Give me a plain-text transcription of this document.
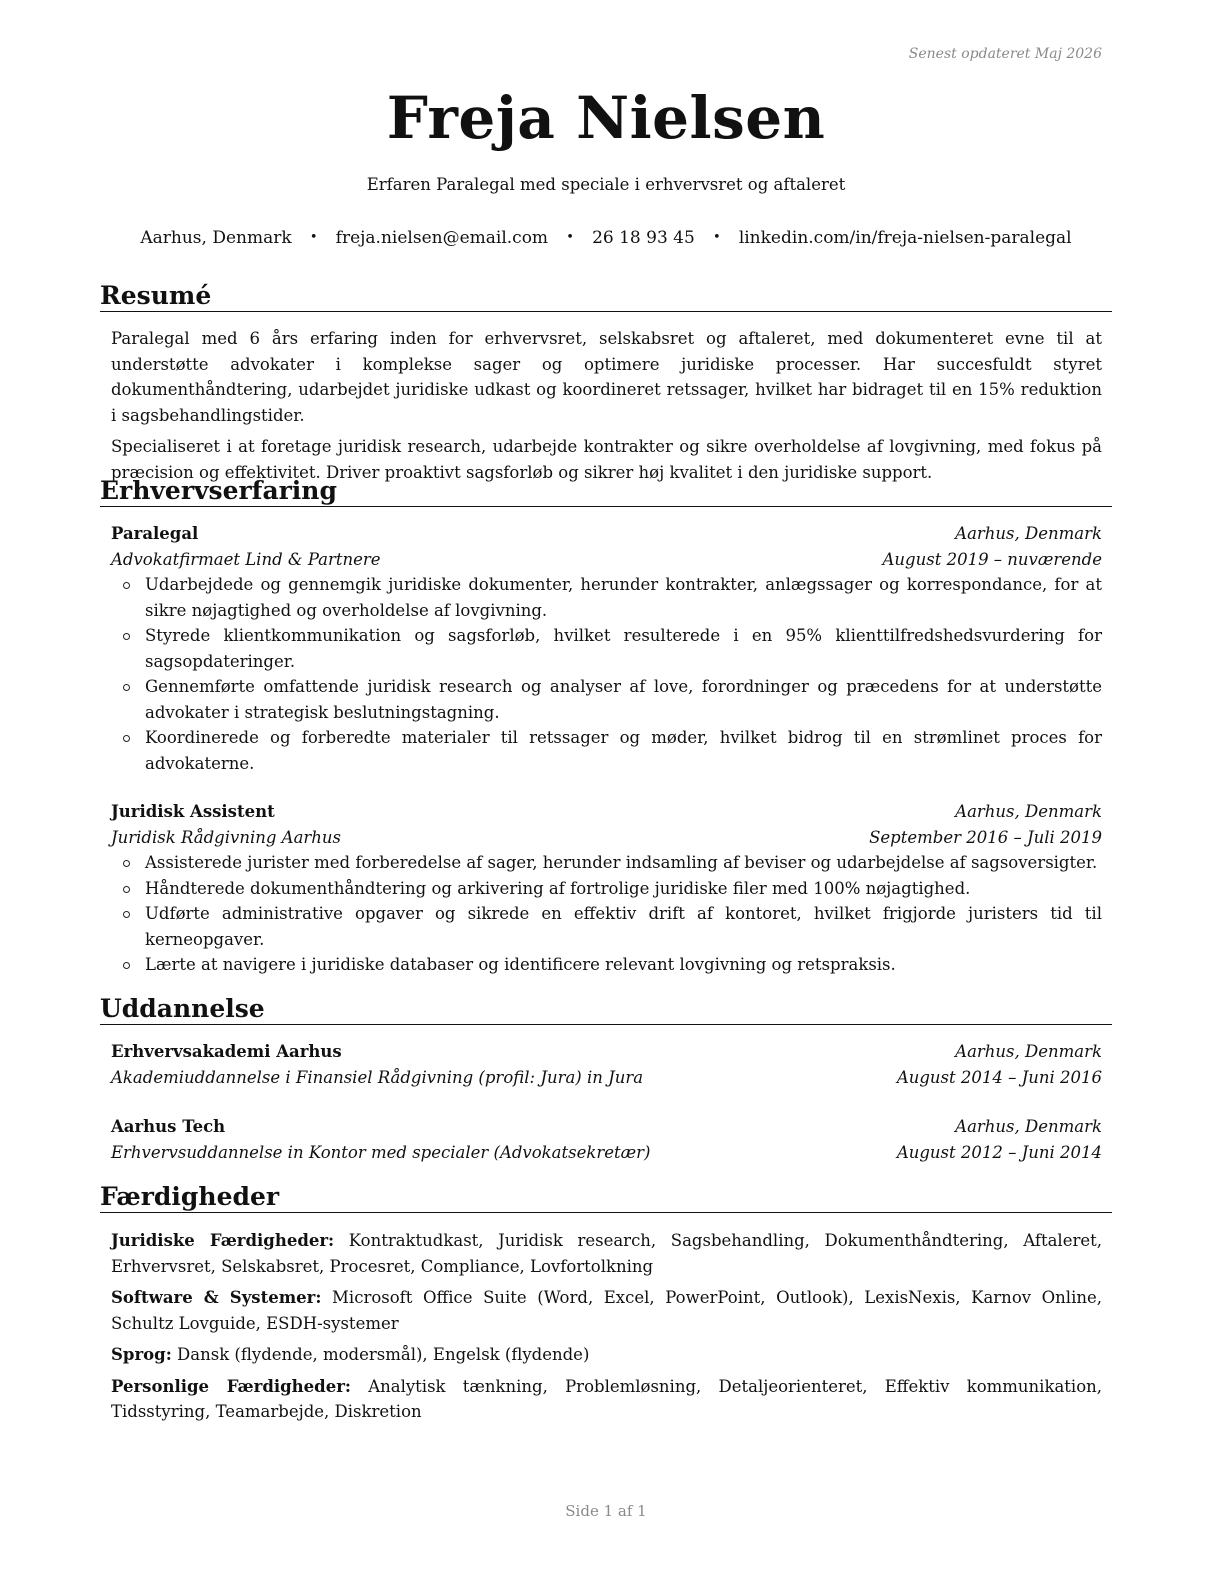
Senest opdateret Maj 2026
Freja Nielsen
Erfaren Paralegal med speciale i erhvervsret og aftaleret
Aarhus, Denmark • freja.nielsen@email.com • 26 18 93 45 • linkedin.com/in/freja-nielsen-paralegal
Resumé

Paralegal med 6 års erfaring inden for erhvervsret, selskabsret og aftaleret, med dokumenteret evne til at understøtte advokater i komplekse sager og optimere juridiske processer. Har succesfuldt styret dokumenthåndtering, udarbejdet juridiske udkast og koordineret retssager, hvilket har bidraget til en 15% reduktion i sagsbehandlingstider.

Specialiseret i at foretage juridisk research, udarbejde kontrakter og sikre overholdelse af lovgivning, med fokus på præcision og effektivitet. Driver proaktivt sagsforløb og sikrer høj kvalitet i den juridiske support.

Erhvervserfaring
Paralegal	Aarhus, Denmark
Advokatfirmaet Lind & Partnere	August 2019 – nuværende
Udarbejdede og gennemgik juridiske dokumenter, herunder kontrakter, anlægssager og korrespondance, for at sikre nøjagtighed og overholdelse af lovgivning.
Styrede klientkommunikation og sagsforløb, hvilket resulterede i en 95% klienttilfredshedsvurdering for sagsopdateringer.
Gennemførte omfattende juridisk research og analyser af love, forordninger og præcedens for at understøtte advokater i strategisk beslutningstagning.
Koordinerede og forberedte materialer til retssager og møder, hvilket bidrog til en strømlinet proces for advokaterne.
Juridisk Assistent	Aarhus, Denmark
Juridisk Rådgivning Aarhus	September 2016 – Juli 2019
Assisterede jurister med forberedelse af sager, herunder indsamling af beviser og udarbejdelse af sagsoversigter.
Håndterede dokumenthåndtering og arkivering af fortrolige juridiske filer med 100% nøjagtighed.
Udførte administrative opgaver og sikrede en effektiv drift af kontoret, hvilket frigjorde juristers tid til kerneopgaver.
Lærte at navigere i juridiske databaser og identificere relevant lovgivning og retspraksis.
Uddannelse
Erhvervsakademi Aarhus	Aarhus, Denmark
Akademiuddannelse i Finansiel Rådgivning (profil: Jura) in Jura	August 2014 – Juni 2016
Aarhus Tech	Aarhus, Denmark
Erhvervsuddannelse in Kontor med specialer (Advokatsekretær)	August 2012 – Juni 2014
Færdigheder

Juridiske Færdigheder: Kontraktudkast, Juridisk research, Sagsbehandling, Dokumenthåndtering, Aftaleret, Erhvervsret, Selskabsret, Procesret, Compliance, Lovfortolkning

Software & Systemer: Microsoft Office Suite (Word, Excel, PowerPoint, Outlook), LexisNexis, Karnov Online, Schultz Lovguide, ESDH-systemer

Sprog: Dansk (flydende, modersmål), Engelsk (flydende)

Personlige Færdigheder: Analytisk tænkning, Problemløsning, Detaljeorienteret, Effektiv kommunikation, Tidsstyring, Teamarbejde, Diskretion

Side 1 af 1
